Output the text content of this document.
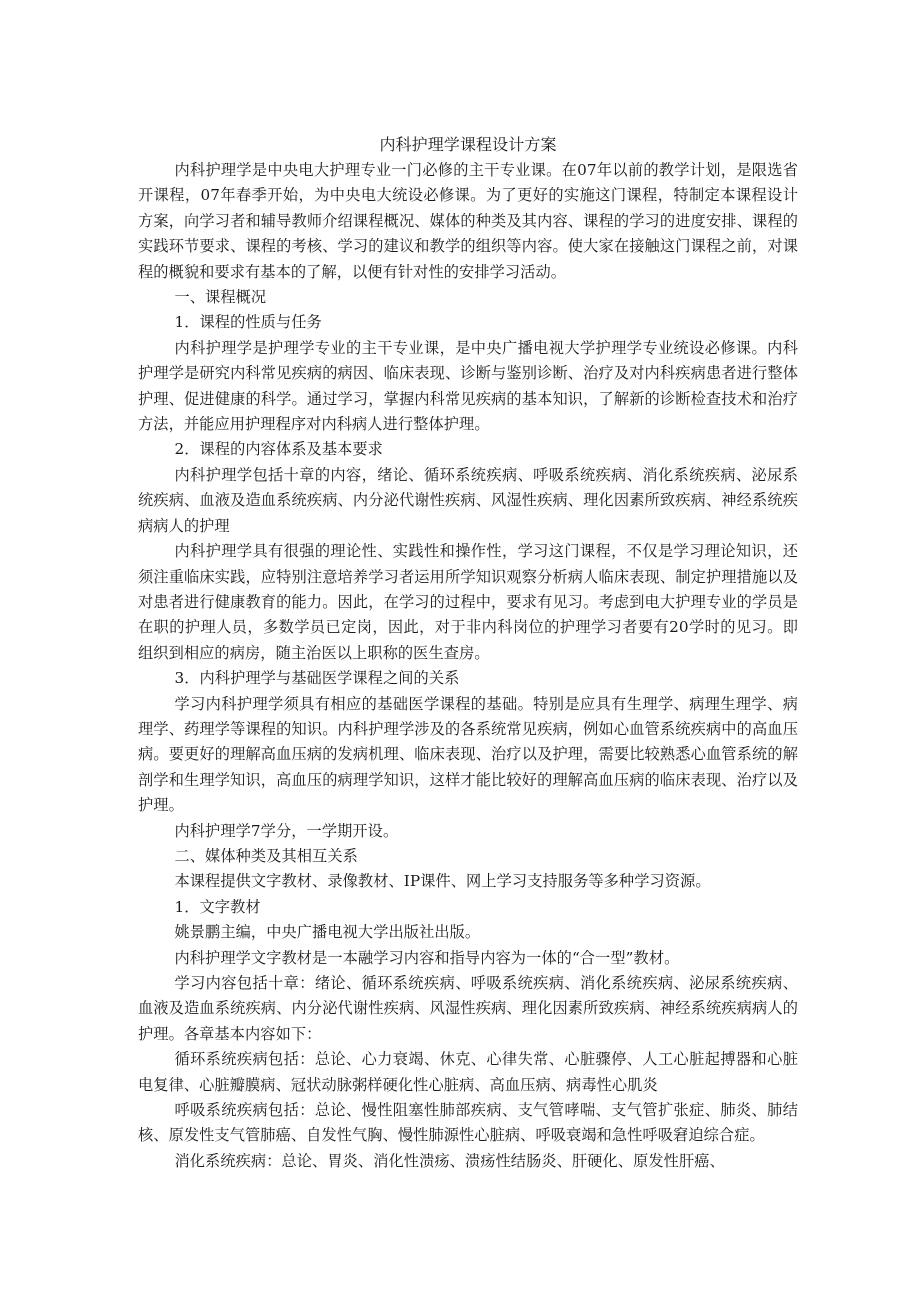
内科护理学课程设计方案

内科护理学是中央电大护理专业一门必修的主干专业课。在07年以前的教学计划，是限选省开课程，07年春季开始，为中央电大统设必修课。为了更好的实施这门课程，特制定本课程设计方案，向学习者和辅导教师介绍课程概况、媒体的种类及其内容、课程的学习的进度安排、课程的实践环节要求、课程的考核、学习的建议和教学的组织等内容。使大家在接触这门课程之前，对课程的概貌和要求有基本的了解，以便有针对性的安排学习活动。

一、课程概况

1．课程的性质与任务

内科护理学是护理学专业的主干专业课，是中央广播电视大学护理学专业统设必修课。内科护理学是研究内科常见疾病的病因、临床表现、诊断与鉴别诊断、治疗及对内科疾病患者进行整体护理、促进健康的科学。通过学习，掌握内科常见疾病的基本知识，了解新的诊断检查技术和治疗方法，并能应用护理程序对内科病人进行整体护理。

2．课程的内容体系及基本要求

内科护理学包括十章的内容，绪论、循环系统疾病、呼吸系统疾病、消化系统疾病、泌尿系统疾病、血液及造血系统疾病、内分泌代谢性疾病、风湿性疾病、理化因素所致疾病、神经系统疾病病人的护理

内科护理学具有很强的理论性、实践性和操作性，学习这门课程，不仅是学习理论知识，还须注重临床实践，应特别注意培养学习者运用所学知识观察分析病人临床表现、制定护理措施以及对患者进行健康教育的能力。因此，在学习的过程中，要求有见习。考虑到电大护理专业的学员是在职的护理人员，多数学员已定岗，因此，对于非内科岗位的护理学习者要有20学时的见习。即组织到相应的病房，随主治医以上职称的医生查房。

3．内科护理学与基础医学课程之间的关系

学习内科护理学须具有相应的基础医学课程的基础。特别是应具有生理学、病理生理学、病理学、药理学等课程的知识。内科护理学涉及的各系统常见疾病，例如心血管系统疾病中的高血压病。要更好的理解高血压病的发病机理、临床表现、治疗以及护理，需要比较熟悉心血管系统的解剖学和生理学知识，高血压的病理学知识，这样才能比较好的理解高血压病的临床表现、治疗以及护理。

内科护理学7学分，一学期开设。

二、媒体种类及其相互关系

本课程提供文字教材、录像教材、IP课件、网上学习支持服务等多种学习资源。

1．文字教材

姚景鹏主编，中央广播电视大学出版社出版。

内科护理学文字教材是一本融学习内容和指导内容为一体的“合一型”教材。

学习内容包括十章：绪论、循环系统疾病、呼吸系统疾病、消化系统疾病、泌尿系统疾病、血液及造血系统疾病、内分泌代谢性疾病、风湿性疾病、理化因素所致疾病、神经系统疾病病人的护理。各章基本内容如下：

循环系统疾病包括：总论、心力衰竭、休克、心律失常、心脏骤停、人工心脏起搏器和心脏电复律、心脏瓣膜病、冠状动脉粥样硬化性心脏病、高血压病、病毒性心肌炎

呼吸系统疾病包括：总论、慢性阻塞性肺部疾病、支气管哮喘、支气管扩张症、肺炎、肺结核、原发性支气管肺癌、自发性气胸、慢性肺源性心脏病、呼吸衰竭和急性呼吸窘迫综合症。

消化系统疾病：总论、胃炎、消化性溃疡、溃疡性结肠炎、肝硬化、原发性肝癌、
